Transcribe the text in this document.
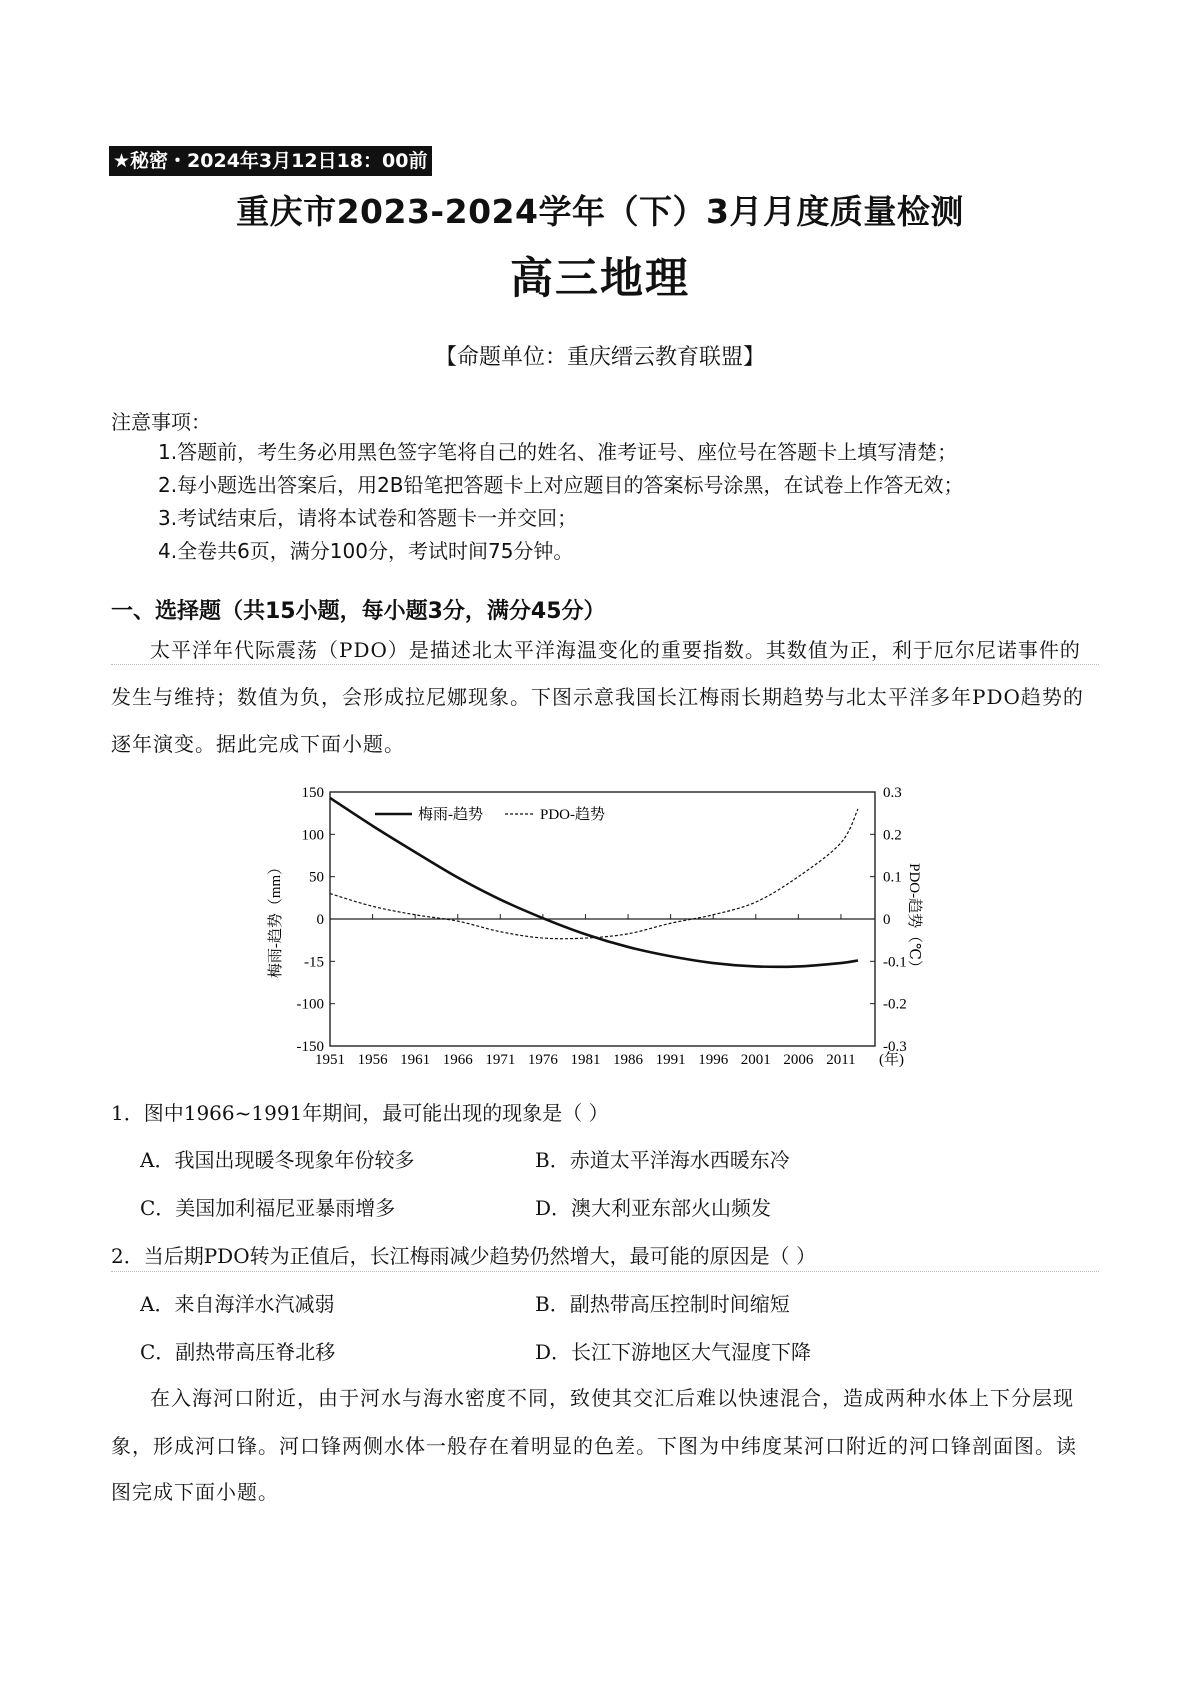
★秘密・2024年3月12日18：00前
重庆市2023-2024学年（下）3月月度质量检测
高三地理
【命题单位：重庆缙云教育联盟】
注意事项：
1.答题前，考生务必用黑色签字笔将自己的姓名、准考证号、座位号在答题卡上填写清楚；
2.每小题选出答案后，用2B铅笔把答题卡上对应题目的答案标号涂黑，在试卷上作答无效；
3.考试结束后，请将本试卷和答题卡一并交回；
4.全卷共6页，满分100分，考试时间75分钟。
一、选择题（共15小题，每小题3分，满分45分）
太平洋年代际震荡（PDO）是描述北太平洋海温变化的重要指数。其数值为正，利于厄尔尼诺事件的
发生与维持；数值为负，会形成拉尼娜现象。下图示意我国长江梅雨长期趋势与北太平洋多年PDO趋势的
逐年演变。据此完成下面小题。
150
100
50
0
-15
-100
-150
0.3
0.2
0.1
0
-0.1
-0.2
-0.3
1951 1956 1961 1966 1971 1976 1981 1986 1991 1996 2001 2006 2011 (年)
梅雨-趋势（mm）	PDO-趋势（℃）
梅雨-趋势	PDO-趋势
1．图中1966~1991年期间，最可能出现的现象是（ ）
A．我国出现暖冬现象年份较多	B．赤道太平洋海水西暖东冷
C．美国加利福尼亚暴雨增多	D．澳大利亚东部火山频发
2．当后期PDO转为正值后，长江梅雨减少趋势仍然增大，最可能的原因是（ ）
A．来自海洋水汽减弱	B．副热带高压控制时间缩短
C．副热带高压脊北移	D．长江下游地区大气湿度下降
在入海河口附近，由于河水与海水密度不同，致使其交汇后难以快速混合，造成两种水体上下分层现
象，形成河口锋。河口锋两侧水体一般存在着明显的色差。下图为中纬度某河口附近的河口锋剖面图。读
图完成下面小题。
